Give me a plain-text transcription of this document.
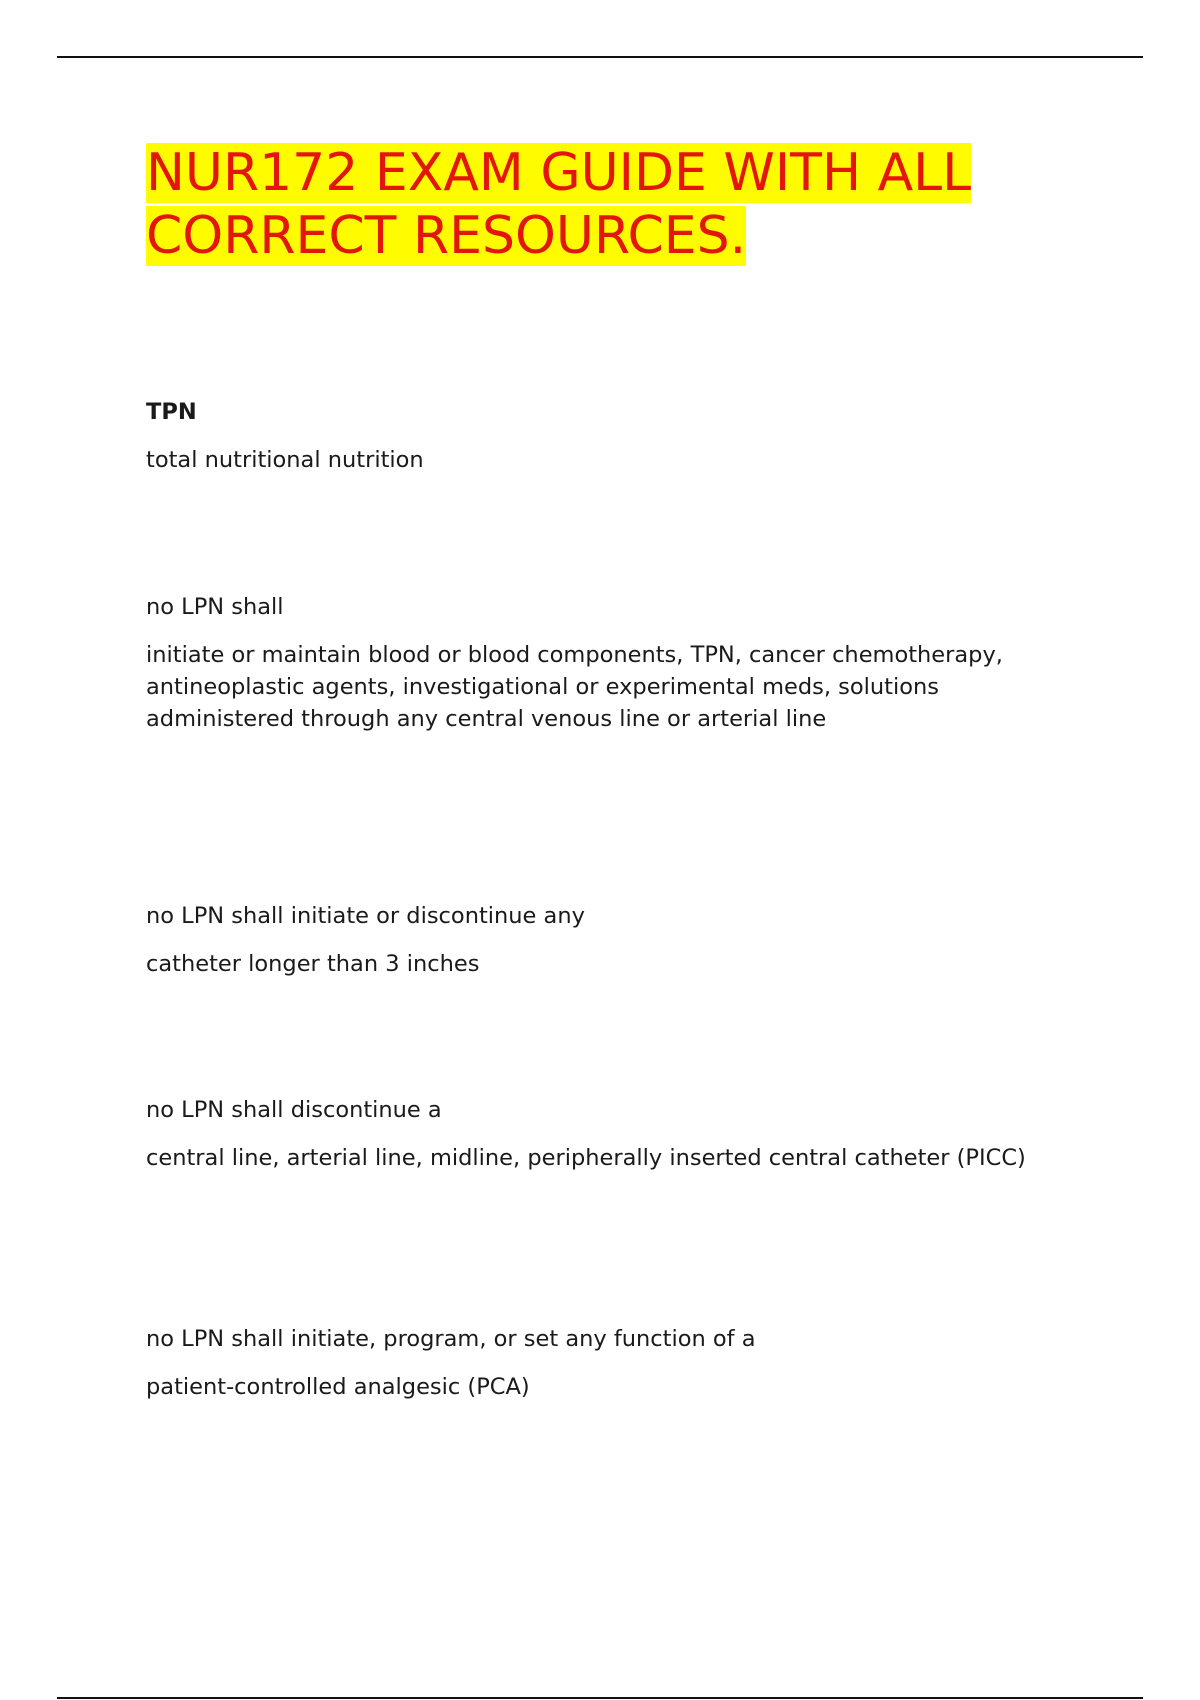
NUR172 EXAM GUIDE WITH ALL
CORRECT RESOURCES.

TPN

total nutritional nutrition

no LPN shall

initiate or maintain blood or blood components, TPN, cancer chemotherapy, antineoplastic agents, investigational or experimental meds, solutions administered through any central venous line or arterial line

no LPN shall initiate or discontinue any

catheter longer than 3 inches

no LPN shall discontinue a

central line, arterial line, midline, peripherally inserted central catheter (PICC)

no LPN shall initiate, program, or set any function of a

patient-controlled analgesic (PCA)
